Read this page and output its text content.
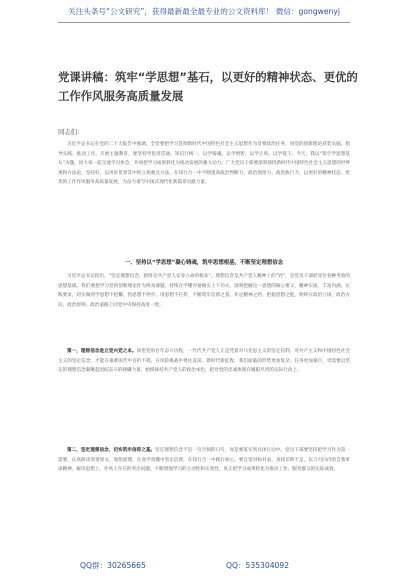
关注头条号“公文研究”，获得最新最全最专业的公文资料库！ 微信：gongwenyj
党课讲稿：筑牢“学思想”基石，以更好的精神状态、更优的工作作风服务高质量发展
同志们：

习近平总书记在党的二十大报告中强调，全党要把学习贯彻新时代中国特色社会主义思想作为首要政治任务，用党的创新理论武装头脑、指导实践、推动工作。开展主题教育，要坚持学思用贯通、知信行统一，以学铸魂、以学增智、以学正风、以学促干。今天，我以“筑牢学思想基石”为题，同大家一起交流学习体会，共同把学习成果转化为推动发展的强大动力。广大党员干部要深刻领悟新时代中国特色社会主义思想的世界观和方法论，坚持好、运用好贯穿其中的立场观点方法，在知行合一中不断提高政治判断力、政治领悟力、政治执行力，以更好的精神状态、更优的工作作风服务高质量发展，为奋力谱写中国式现代化新篇章贡献力量。

一、坚持以“学思想”凝心铸魂，筑牢思想根基，不断坚定理想信念

习近平总书记指出，“坚定理想信念，始终是共产党人安身立命的根本”。理想信念是共产党人精神上的“钙”，是党员干部经受住各种考验的思想基础。我们要把学习党的创新理论作为终身课题，持续在学懂弄通做实上下功夫，深刻把握这一思想的核心要义、精神实质、丰富内涵、实践要求，切实做到学思想不松懈、悟思想不停步、用思想不打折，不断筑牢信仰之基、补足精神之钙、把稳思想之舵，始终在政治立场、政治方向、政治原则、政治道路上同党中央保持高度一致。

第一，理想信念是立党兴党之本。回望党的百年奋斗历程，一代代共产党人正是凭着对马克思主义的坚定信仰、对共产主义和中国特色社会主义的坚定信念，才能在艰难困苦中百折不挠、在风险挑战中勇往直前。新时代新征程，我们面临的形势更加复杂、任务更加艰巨，更需要以坚定的理想信念凝聚起团结奋斗的磅礴力量，始终保持共产党人的政治本色，把对党的忠诚体现在履职尽责的实际行动上。

第二，坚定理想信念，切实筑牢信仰之基。坚定理想信念不是一句空洞的口号，而是要落实到具体行动中。党员干部要坚持把学习作为第一需要，认真研读原著原文、领悟原理，在真学真懂中坚定信仰，在知行合一中践行初心。要自觉对标对表，查找差距不足，以刀刃向内的自我革命精神，解决思想上、作风上存在的突出问题，不断增强学习的主动性和实效性，真正把学习成果转化为推动工作、服务群众的实际成效。

QQ群：30265665	QQ：535304092
